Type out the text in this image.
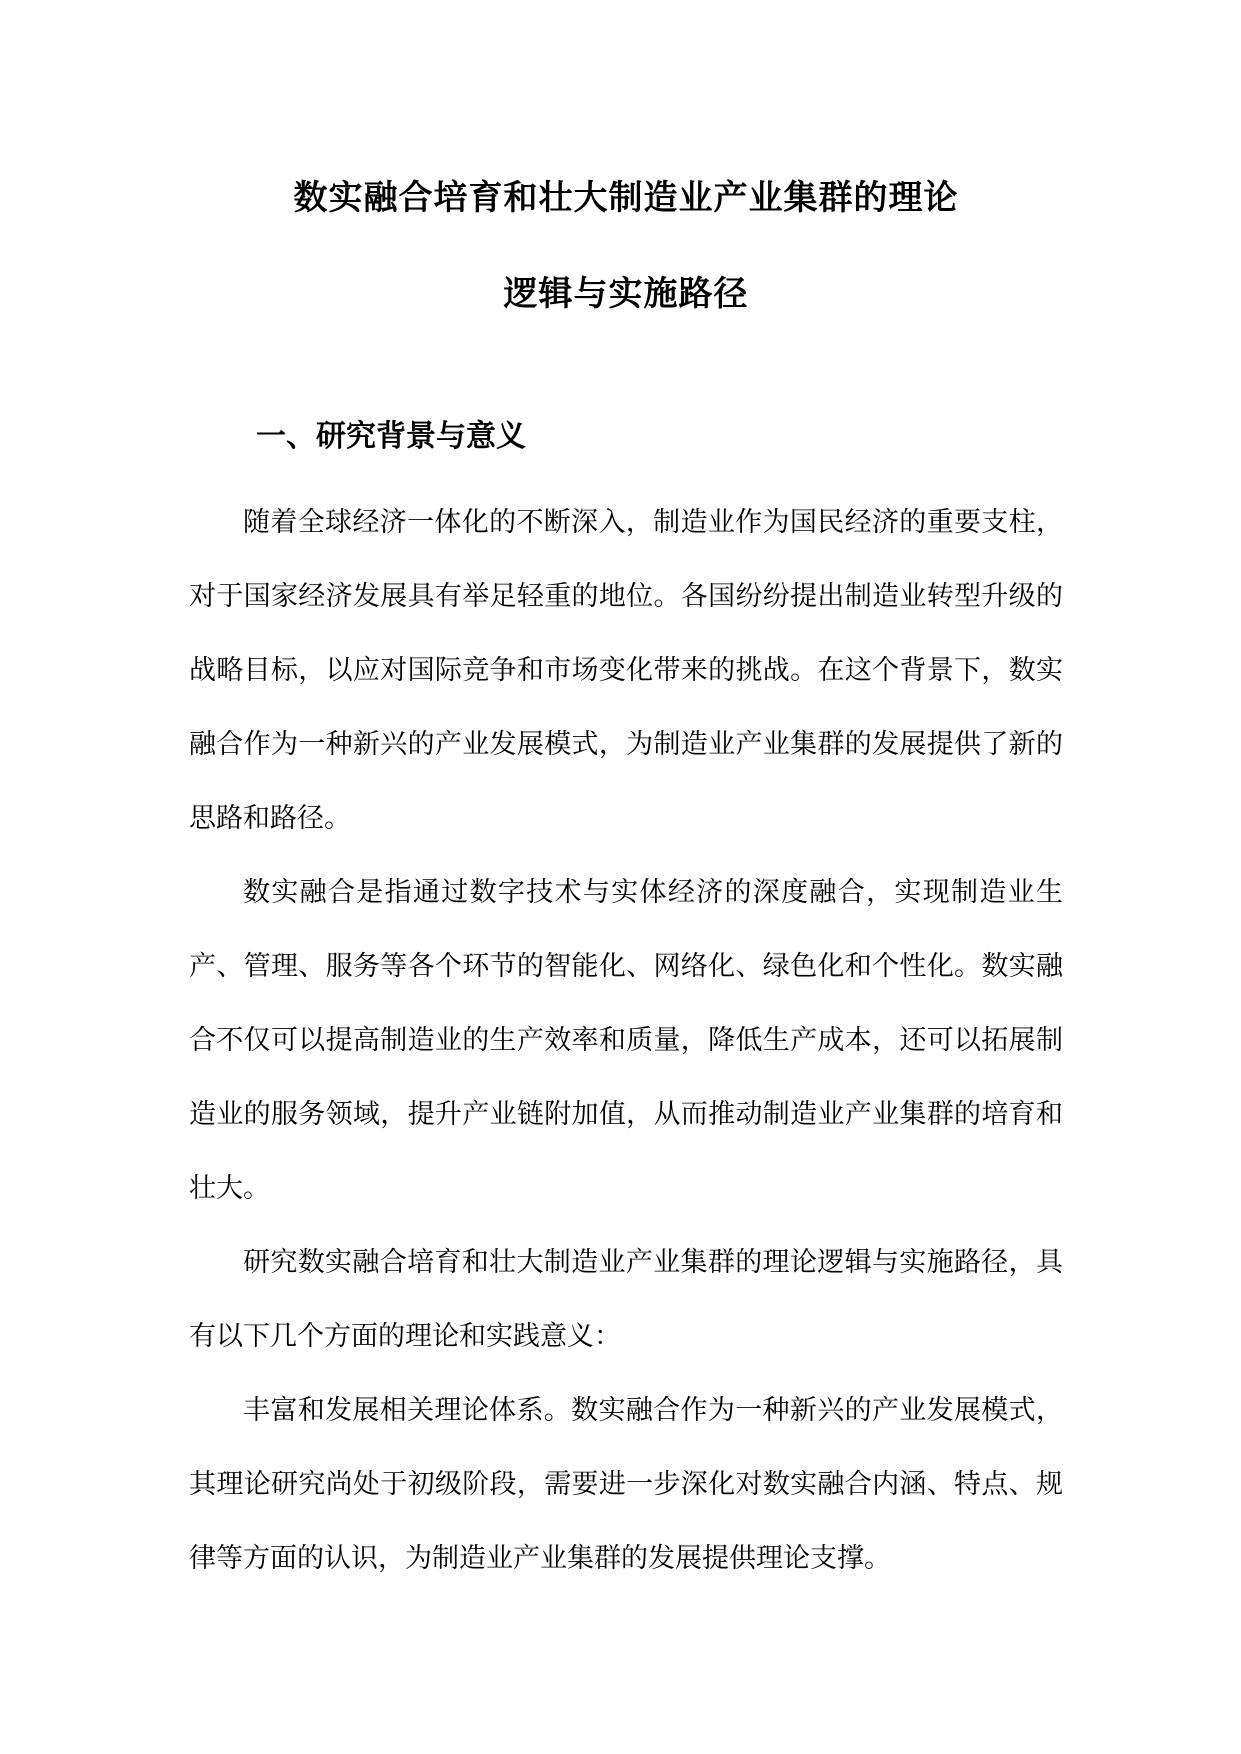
数实融合培育和壮大制造业产业集群的理论
逻辑与实施路径
一、研究背景与意义

随着全球经济一体化的不断深入，制造业作为国民经济的重要支柱，对于国家经济发展具有举足轻重的地位。各国纷纷提出制造业转型升级的战略目标，以应对国际竞争和市场变化带来的挑战。在这个背景下，数实融合作为一种新兴的产业发展模式，为制造业产业集群的发展提供了新的思路和路径。

数实融合是指通过数字技术与实体经济的深度融合，实现制造业生产、管理、服务等各个环节的智能化、网络化、绿色化和个性化。数实融合不仅可以提高制造业的生产效率和质量，降低生产成本，还可以拓展制造业的服务领域，提升产业链附加值，从而推动制造业产业集群的培育和壮大。

研究数实融合培育和壮大制造业产业集群的理论逻辑与实施路径，具有以下几个方面的理论和实践意义：

丰富和发展相关理论体系。数实融合作为一种新兴的产业发展模式，其理论研究尚处于初级阶段，需要进一步深化对数实融合内涵、特点、规律等方面的认识，为制造业产业集群的发展提供理论支撑。
